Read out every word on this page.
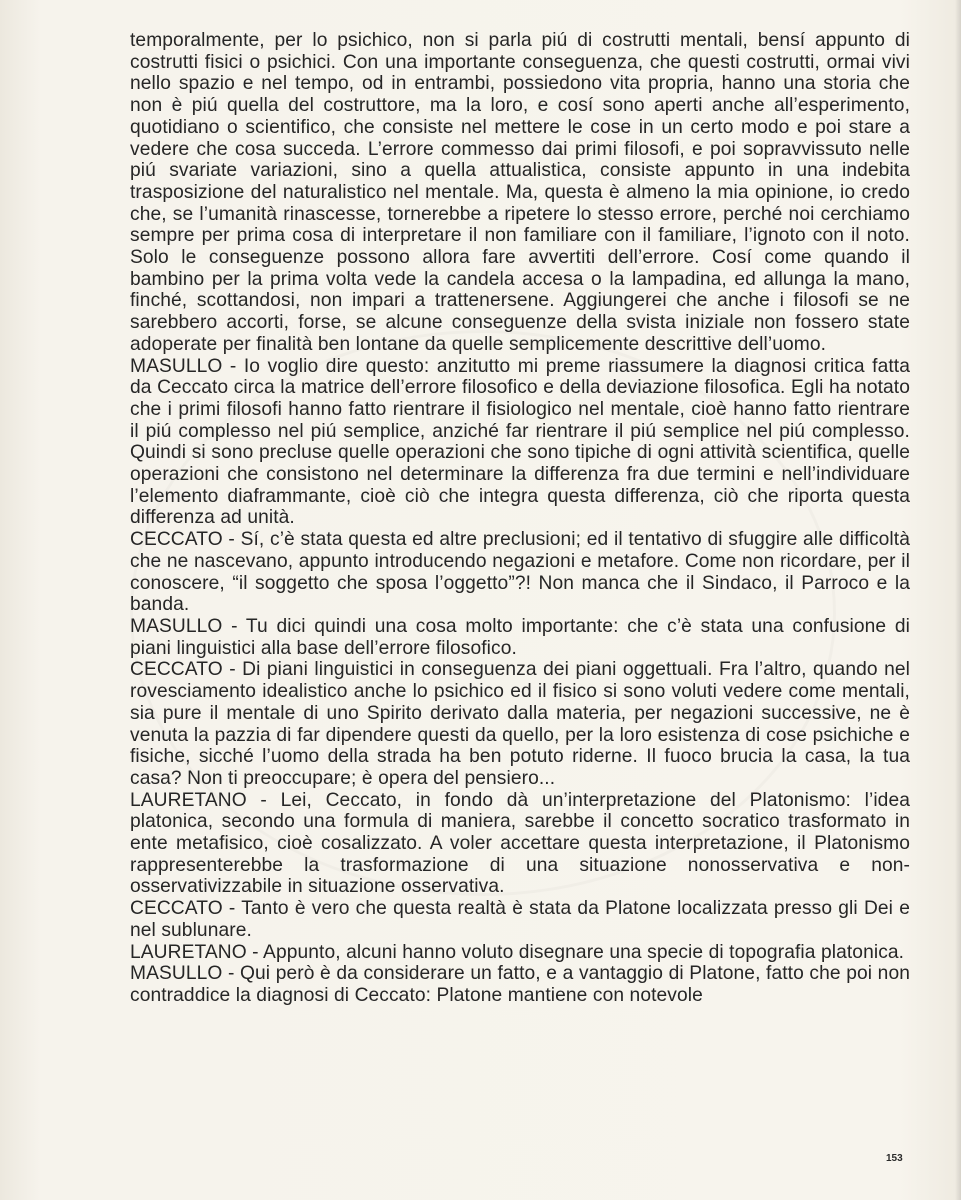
temporalmente, per lo psichico, non si parla piú di costrutti mentali, bensí appunto di costrutti fisici o psichici. Con una importante conseguenza, che questi costrutti, ormai vivi nello spazio e nel tempo, od in entrambi, possiedono vita propria, hanno una storia che non è piú quella del costruttore, ma la loro, e cosí sono aperti anche all’esperimento, quotidiano o scientifico, che consiste nel mettere le cose in un certo modo e poi stare a vedere che cosa succeda. L’errore commesso dai primi filosofi, e poi sopravvissuto nelle piú svariate variazioni, sino a quella attualistica, consiste appunto in una indebita trasposizione del naturalistico nel mentale. Ma, questa è almeno la mia opinione, io credo che, se l’umanità rinascesse, tornerebbe a ripetere lo stesso errore, perché noi cerchiamo sempre per prima cosa di interpretare il non familiare con il familiare, l’ignoto con il noto. Solo le conseguenze possono allora fare avvertiti dell’errore. Cosí come quando il bambino per la prima volta vede la candela accesa o la lampadina, ed allunga la mano, finché, scottandosi, non impari a trattenersene. Aggiungerei che anche i filosofi se ne sarebbero accorti, forse, se alcune conseguenze della svista iniziale non fossero state adoperate per finalità ben lontane da quelle semplicemente descrittive dell’uomo.

MASULLO - Io voglio dire questo: anzitutto mi preme riassumere la diagnosi critica fatta da Ceccato circa la matrice dell’errore filosofico e della deviazione filosofica. Egli ha notato che i primi filosofi hanno fatto rientrare il fisiologico nel mentale, cioè hanno fatto rientrare il piú complesso nel piú semplice, anziché far rientrare il piú semplice nel piú complesso. Quindi si sono precluse quelle operazioni che sono tipiche di ogni attività scientifica, quelle operazioni che consistono nel determinare la differenza fra due termini e nell’individuare l’elemento diaframmante, cioè ciò che integra questa differenza, ciò che riporta questa differenza ad unità.

CECCATO - Sí, c’è stata questa ed altre preclusioni; ed il tentativo di sfuggire alle difficoltà che ne nascevano, appunto introducendo negazioni e metafore. Come non ricordare, per il conoscere, “il soggetto che sposa l’oggetto”?! Non manca che il Sindaco, il Parroco e la banda.

MASULLO - Tu dici quindi una cosa molto importante: che c’è stata una confusione di piani linguistici alla base dell’errore filosofico.

CECCATO - Di piani linguistici in conseguenza dei piani oggettuali. Fra l’altro, quando nel rovesciamento idealistico anche lo psichico ed il fisico si sono voluti vedere come mentali, sia pure il mentale di uno Spirito derivato dalla materia, per negazioni successive, ne è venuta la pazzia di far dipendere questi da quello, per la loro esistenza di cose psichiche e fisiche, sicché l’uomo della strada ha ben potuto riderne. Il fuoco brucia la casa, la tua casa? Non ti preoccupare; è opera del pensiero...

LAURETANO - Lei, Ceccato, in fondo dà un’interpretazione del Platonismo: l’idea platonica, secondo una formula di maniera, sarebbe il concetto socratico trasformato in ente metafisico, cioè cosalizzato. A voler accettare questa interpretazione, il Platonismo rappresenterebbe la trasformazione di una situazione nonosservativa e non-osservativizzabile in situazione osservativa.

CECCATO - Tanto è vero che questa realtà è stata da Platone localizzata presso gli Dei e nel sublunare.

LAURETANO - Appunto, alcuni hanno voluto disegnare una specie di topografia platonica.

MASULLO - Qui però è da considerare un fatto, e a vantaggio di Platone, fatto che poi non contraddice la diagnosi di Ceccato: Platone mantiene con notevole

153
